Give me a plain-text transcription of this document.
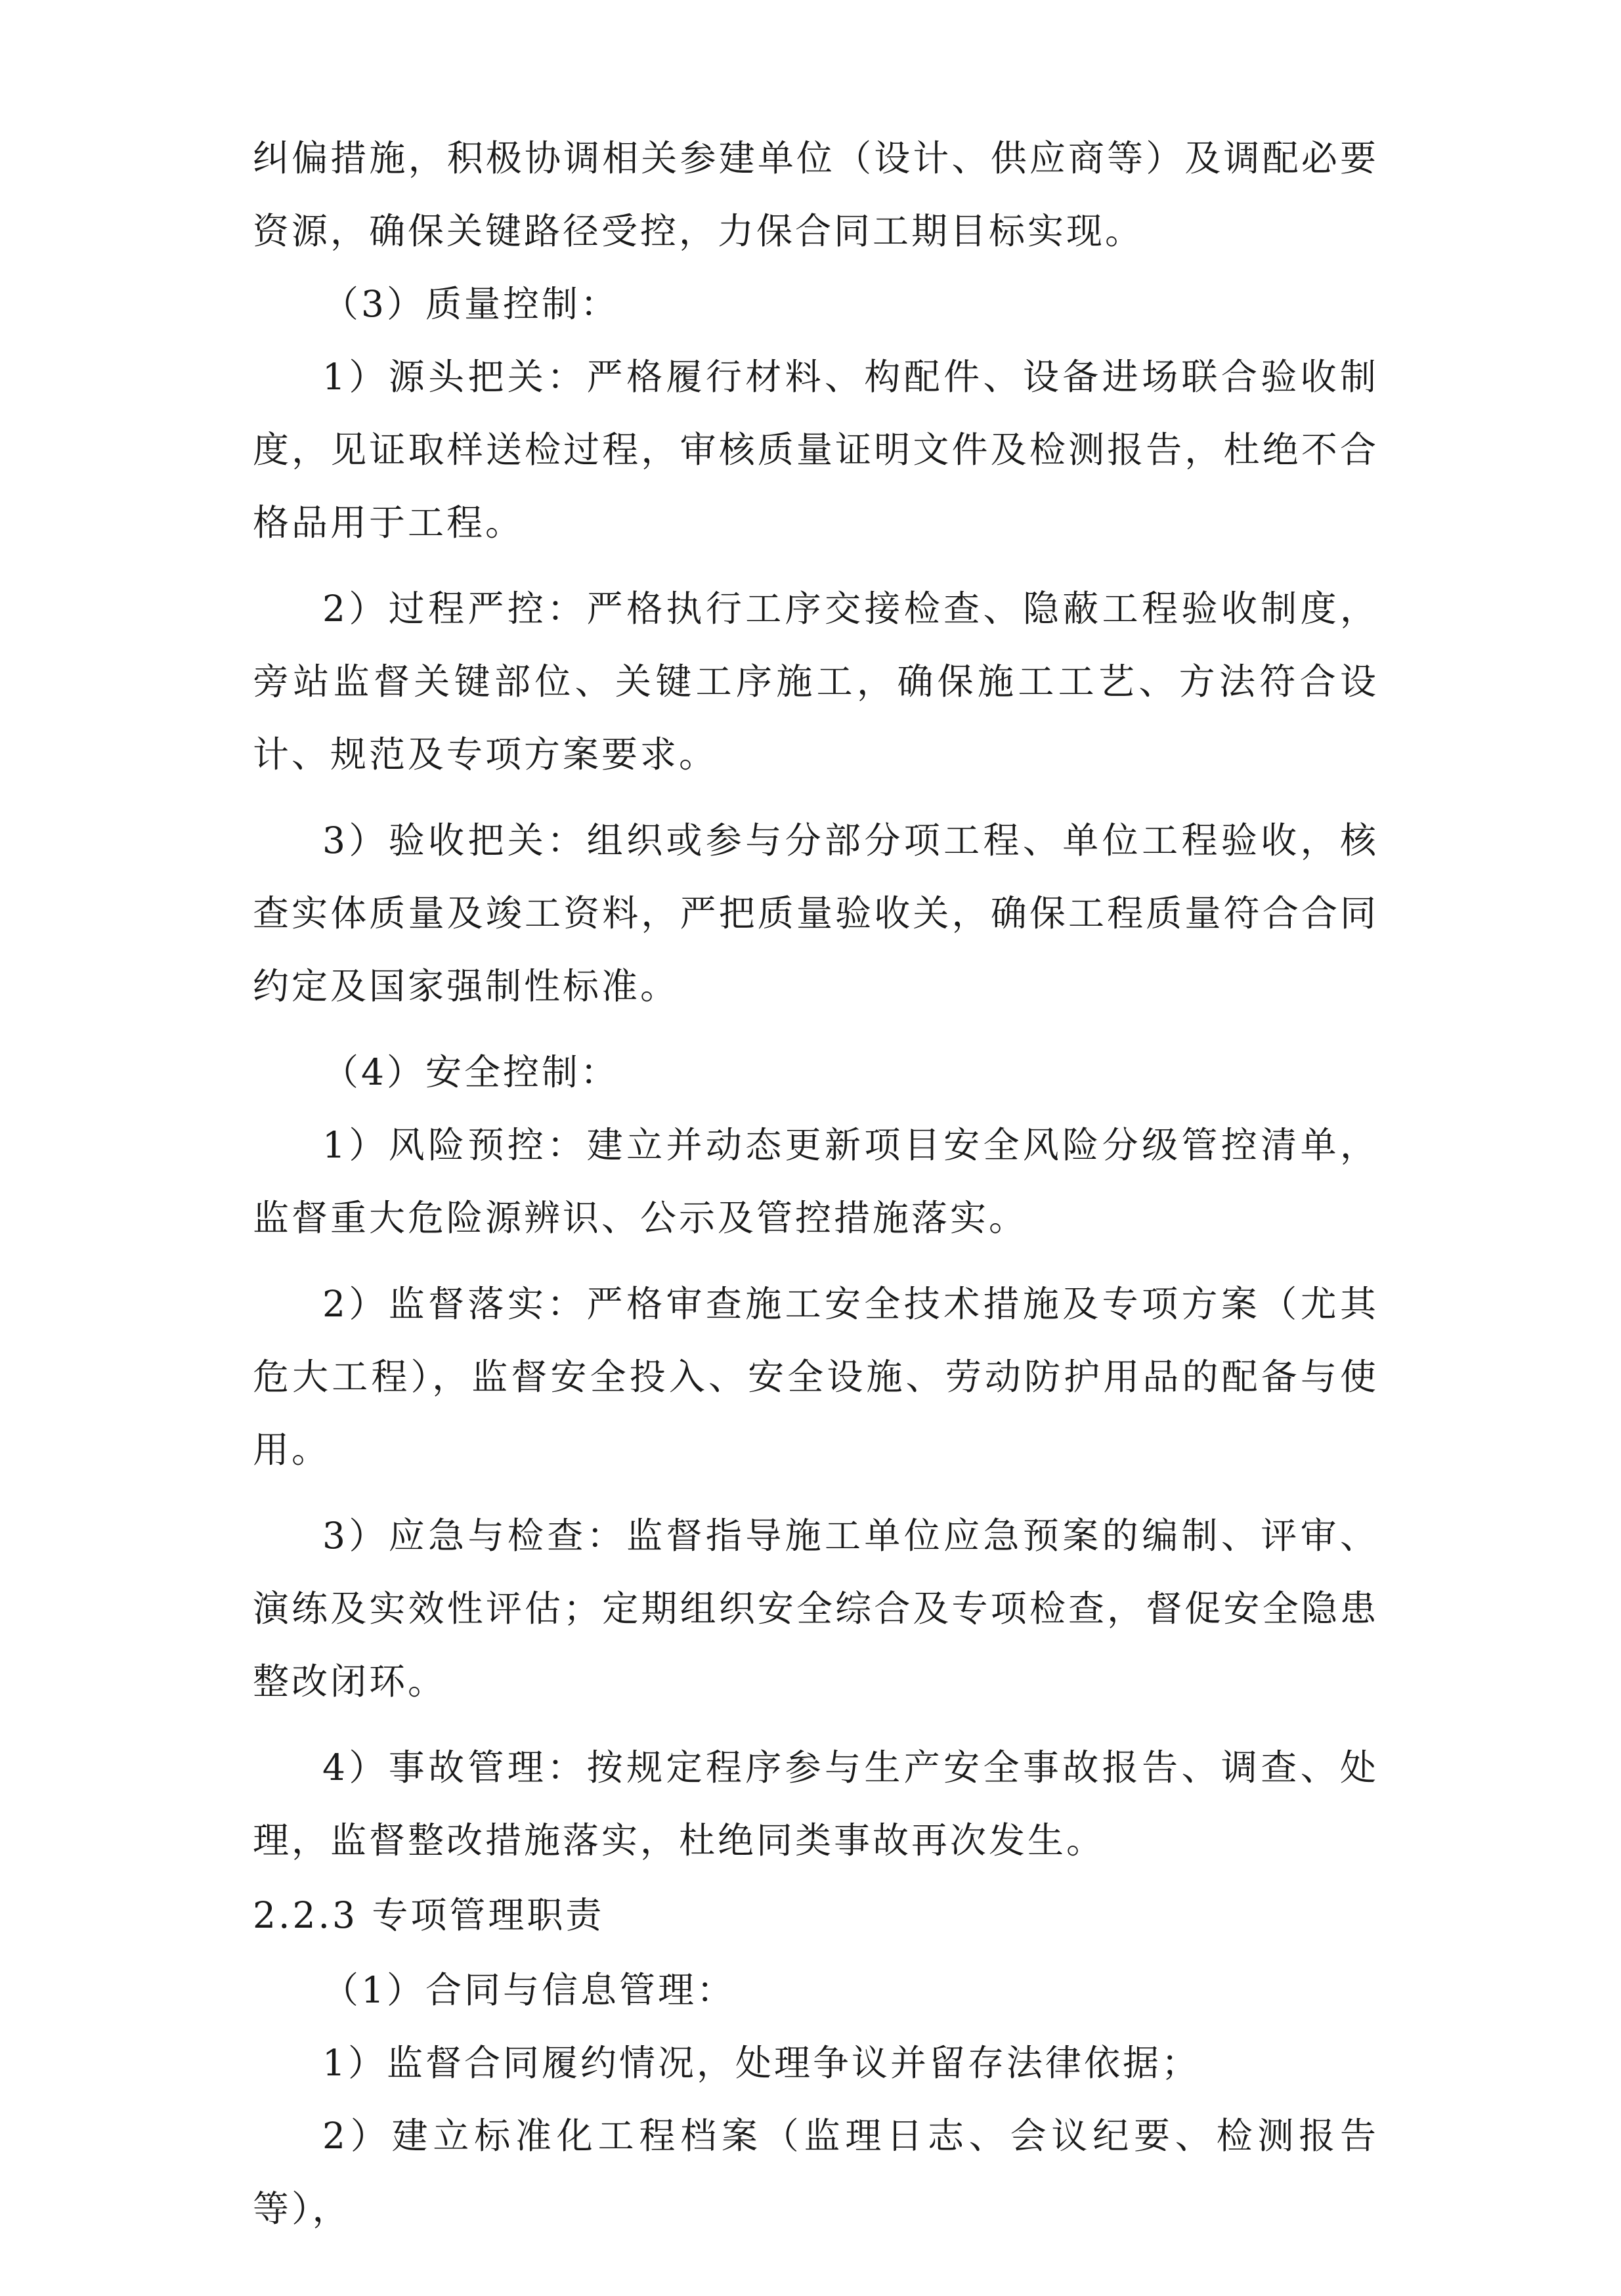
纠偏措施，积极协调相关参建单位（设计、供应商等）及调配必要资源，确保关键路径受控，力保合同工期目标实现。

（3）质量控制：

1）源头把关：严格履行材料、构配件、设备进场联合验收制度，见证取样送检过程，审核质量证明文件及检测报告，杜绝不合格品用于工程。

2）过程严控：严格执行工序交接检查、隐蔽工程验收制度，旁站监督关键部位、关键工序施工，确保施工工艺、方法符合设计、规范及专项方案要求。

3）验收把关：组织或参与分部分项工程、单位工程验收，核查实体质量及竣工资料，严把质量验收关，确保工程质量符合合同约定及国家强制性标准。

（4）安全控制：

1）风险预控：建立并动态更新项目安全风险分级管控清单，监督重大危险源辨识、公示及管控措施落实。

2）监督落实：严格审查施工安全技术措施及专项方案（尤其危大工程），监督安全投入、安全设施、劳动防护用品的配备与使用。

3）应急与检查：监督指导施工单位应急预案的编制、评审、演练及实效性评估；定期组织安全综合及专项检查，督促安全隐患整改闭环。

4）事故管理：按规定程序参与生产安全事故报告、调查、处理，监督整改措施落实，杜绝同类事故再次发生。

2.2.3 专项管理职责

（1）合同与信息管理：

1）监督合同履约情况，处理争议并留存法律依据；

2）建立标准化工程档案（监理日志、会议纪要、检测报告等），
